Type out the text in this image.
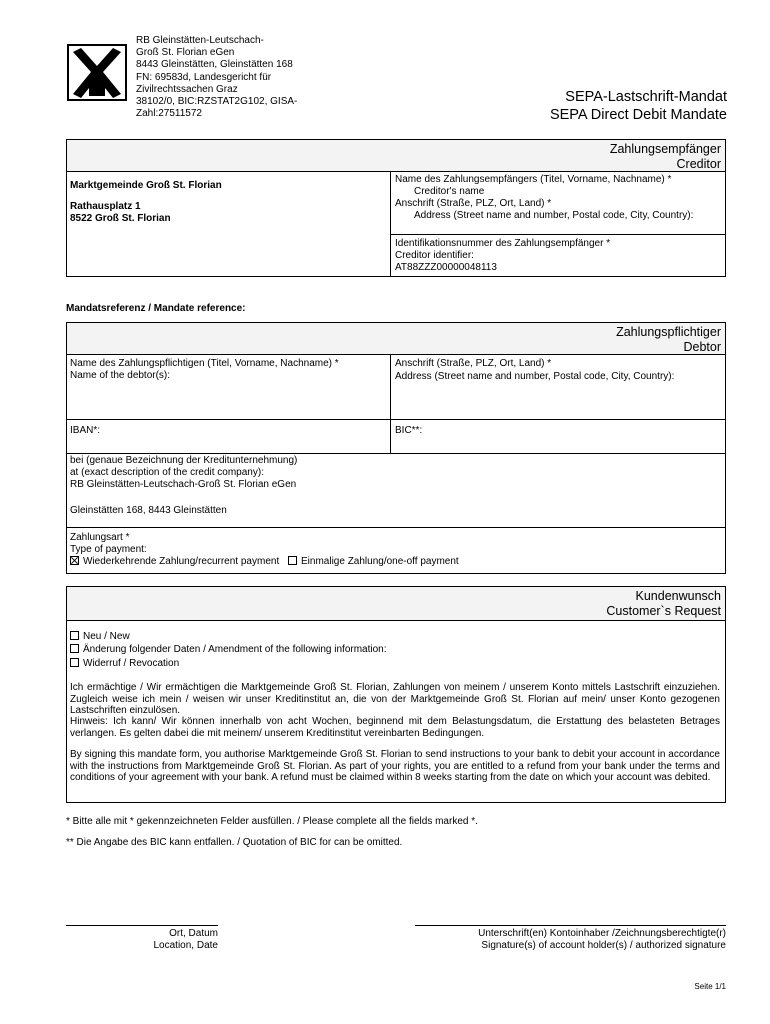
RB Gleinstätten-Leutschach-
Groß St. Florian eGen
8443 Gleinstätten, Gleinstätten 168
FN: 69583d, Landesgericht für
Zivilrechtssachen Graz
38102/0, BIC:RZSTAT2G102, GISA-
Zahl:27511572
SEPA-Lastschrift-Mandat
SEPA Direct Debit Mandate
Zahlungsempfänger
Creditor
Marktgemeinde Groß St. Florian
Rathausplatz 1
8522 Groß St. Florian
Name des Zahlungsempfängers (Titel, Vorname, Nachname) *
Creditor's name
Anschrift (Straße, PLZ, Ort, Land) *
Address (Street name and number, Postal code, City, Country):
Identifikationsnummer des Zahlungsempfänger *
Creditor identifier:
AT88ZZZ00000048113
Mandatsreferenz / Mandate reference:
Zahlungspflichtiger
Debtor
Name des Zahlungspflichtigen (Titel, Vorname, Nachname) *
Name of the debtor(s):
Anschrift (Straße, PLZ, Ort, Land) *
Address (Street name and number, Postal code, City, Country):
IBAN*:	BIC**:
bei (genaue Bezeichnung der Kreditunternehmung)
at (exact description of the credit company):
RB Gleinstätten-Leutschach-Groß St. Florian eGen
Gleinstätten 168, 8443 Gleinstätten
Zahlungsart *
Type of payment:
Wiederkehrende Zahlung/recurrent payment Einmalige Zahlung/one-off payment
Kundenwunsch
Customer`s Request
Neu / New
Änderung folgender Daten / Amendment of the following information:
Widerruf / Revocation
Ich ermächtige / Wir ermächtigen die Marktgemeinde Groß St. Florian, Zahlungen von meinem / unserem Konto mittels Lastschrift einzuziehen. Zugleich weise ich mein / weisen wir unser Kreditinstitut an, die von der Marktgemeinde Groß St. Florian auf mein/ unser Konto gezogenen Lastschriften einzulösen.
Hinweis: Ich kann/ Wir können innerhalb von acht Wochen, beginnend mit dem Belastungsdatum, die Erstattung des belasteten Betrages verlangen. Es gelten dabei die mit meinem/ unserem Kreditinstitut vereinbarten Bedingungen.
By signing this mandate form, you authorise Marktgemeinde Groß St. Florian to send instructions to your bank to debit your account in accordance with the instructions from Marktgemeinde Groß St. Florian. As part of your rights, you are entitled to a refund from your bank under the terms and conditions of your agreement with your bank. A refund must be claimed within 8 weeks starting from the date on which your account was debited.
* Bitte alle mit * gekennzeichneten Felder ausfüllen. / Please complete all the fields marked *.
** Die Angabe des BIC kann entfallen. / Quotation of BIC for can be omitted.
Ort, Datum
Location, Date
Unterschrift(en) Kontoinhaber /Zeichnungsberechtigte(r)
Signature(s) of account holder(s) / authorized signature
Seite 1/1
